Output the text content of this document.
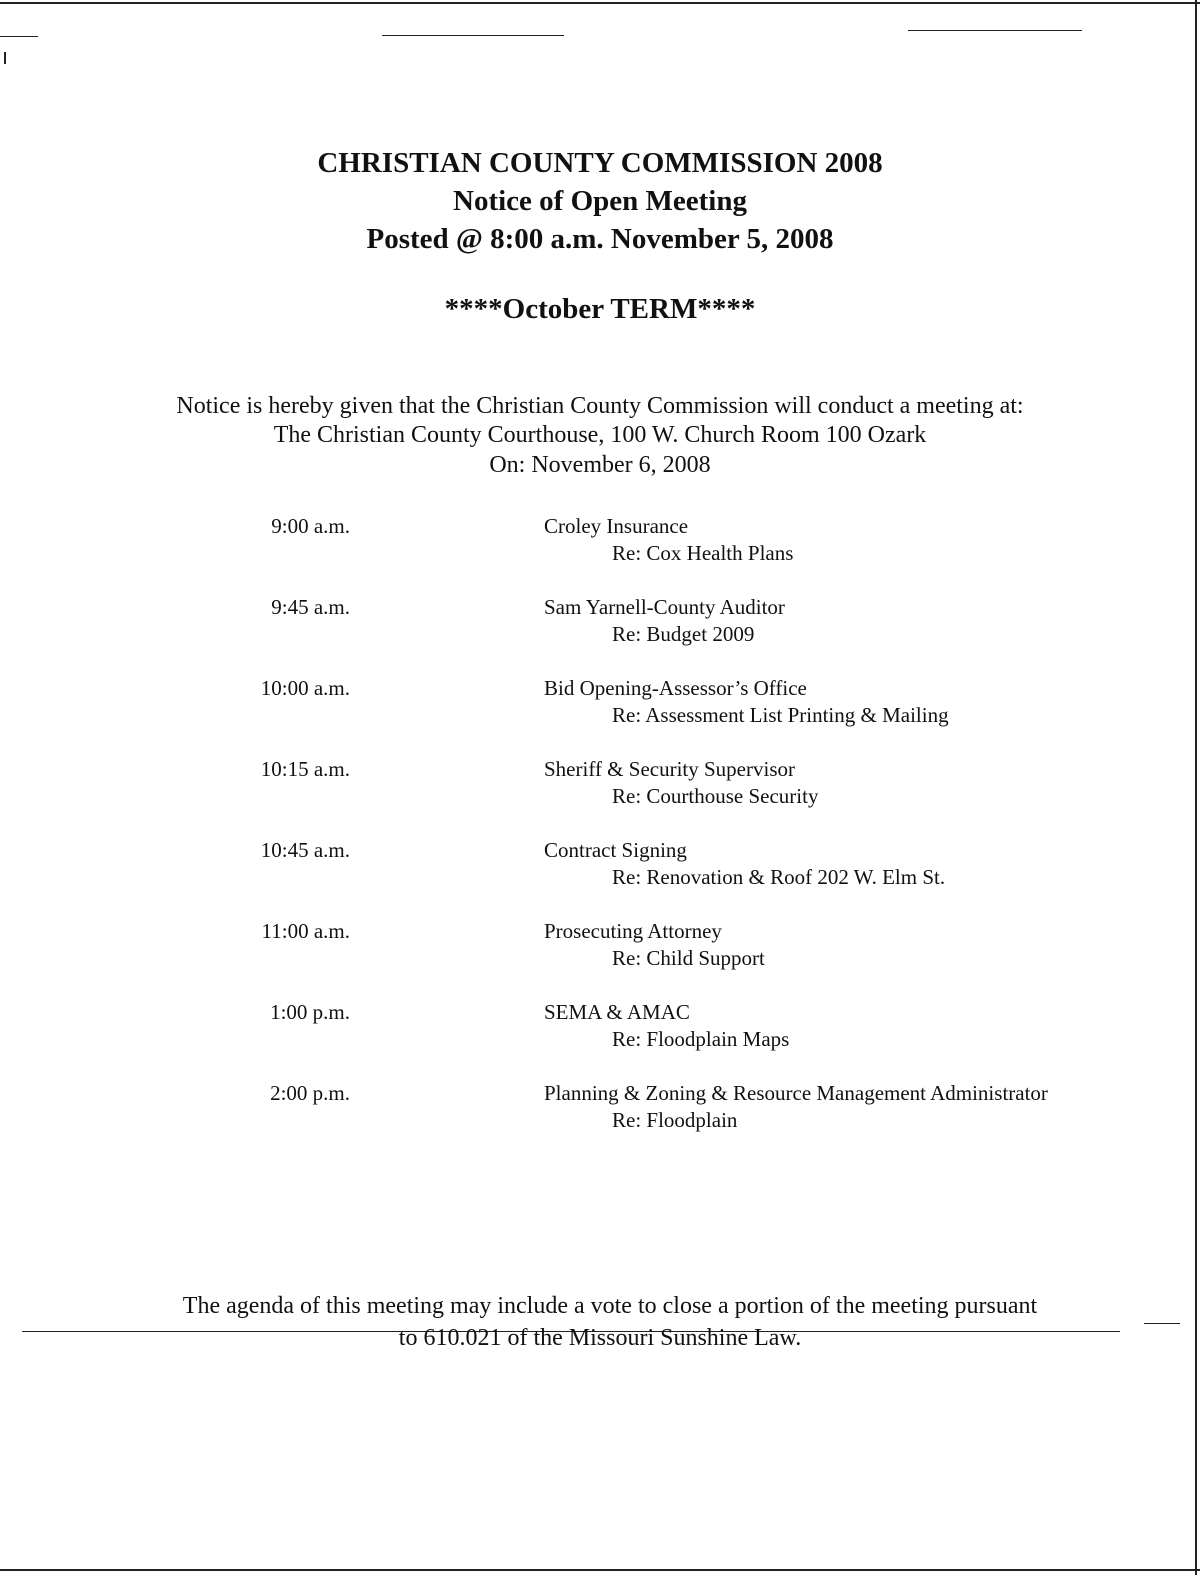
CHRISTIAN COUNTY COMMISSION 2008
Notice of Open Meeting
Posted @ 8:00 a.m. November 5, 2008
****October TERM****
Notice is hereby given that the Christian County Commission will conduct a meeting at:
The Christian County Courthouse, 100 W. Church Room 100 Ozark
On: November 6, 2008
9:00 a.m.	Croley Insurance
Re: Cox Health Plans
9:45 a.m.	Sam Yarnell-County Auditor
Re: Budget 2009
10:00 a.m.	Bid Opening-Assessor’s Office
Re: Assessment List Printing & Mailing
10:15 a.m.	Sheriff & Security Supervisor
Re: Courthouse Security
10:45 a.m.	Contract Signing
Re: Renovation & Roof 202 W. Elm St.
11:00 a.m.	Prosecuting Attorney
Re: Child Support
1:00 p.m.	SEMA & AMAC
Re: Floodplain Maps
2:00 p.m.	Planning & Zoning & Resource Management Administrator
Re: Floodplain
The agenda of this meeting may include a vote to close a portion of the meeting pursuant
to 610.021 of the Missouri Sunshine Law.
